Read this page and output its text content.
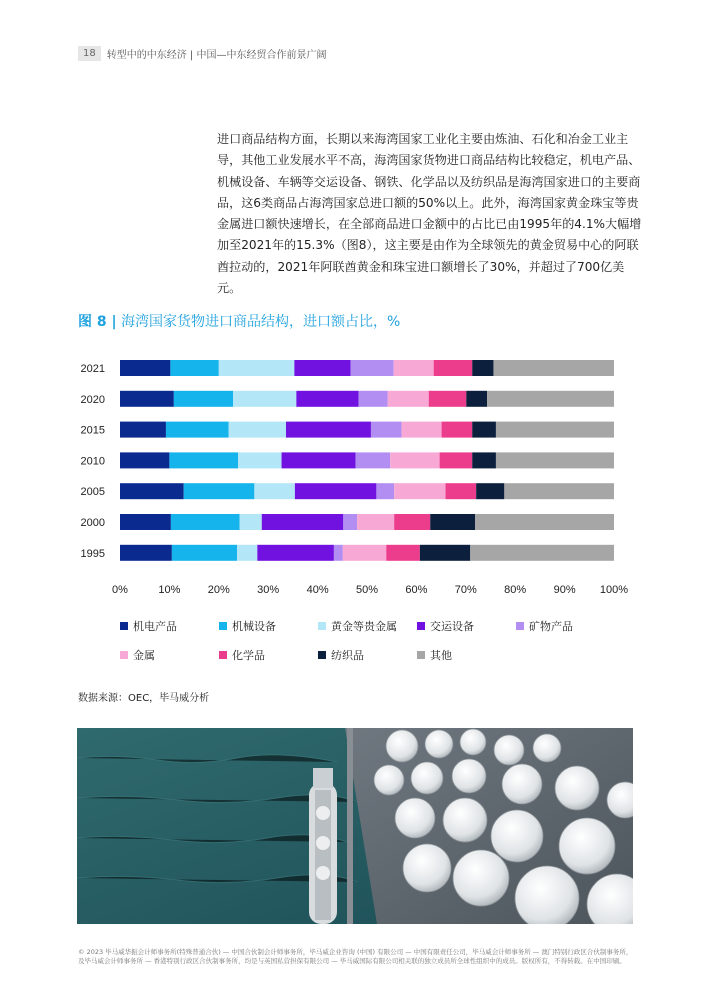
18	转型中的中东经济 | 中国—中东经贸合作前景广阔

进口商品结构方面，长期以来海湾国家工业化主要由炼油、石化和冶金工业主导，其他工业发展水平不高，海湾国家货物进口商品结构比较稳定，机电产品、机械设备、车辆等交运设备、钢铁、化学品以及纺织品是海湾国家进口的主要商品，这6类商品占海湾国家总进口额的50%以上。此外，海湾国家黄金珠宝等贵金属进口额快速增长，在全部商品进口金额中的占比已由1995年的4.1%大幅增加至2021年的15.3%（图8），这主要是由作为全球领先的黄金贸易中心的阿联酋拉动的，2021年阿联酋黄金和珠宝进口额增长了30%，并超过了700亿美元。

图 8 | 海湾国家货物进口商品结构，进口额占比，%
2021
2020
2015
2010
2005
2000
1995
0%	10% 20% 30% 40% 50% 60% 70% 80% 90% 100%
机电产品	机械设备	黄金等贵金属	交运设备	矿物产品
金属	化学品	纺织品	其他
数据来源：OEC，毕马威分析

© 2023 毕马威华振会计师事务所(特殊普通合伙) — 中国合伙制会计师事务所，毕马威企业咨询 (中国) 有限公司 — 中国有限责任公司，毕马威会计师事务所 — 澳门特别行政区合伙制事务所，及毕马威会计师事务所 — 香港特别行政区合伙制事务所，均是与英国私营担保有限公司 — 毕马威国际有限公司相关联的独立成员所全球性组织中的成员。版权所有，不得转载。在中国印刷。
